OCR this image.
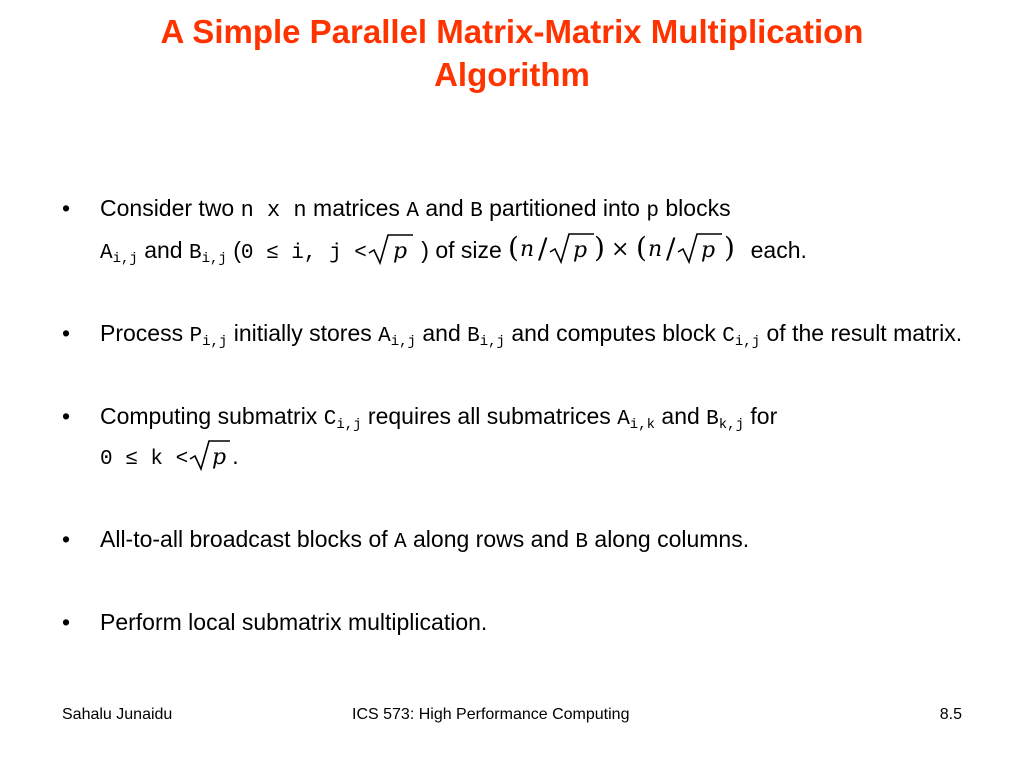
A Simple Parallel Matrix-Matrix Multiplication
Algorithm
•	Consider two n x n matrices A and B partitioned into p blocks
$A_{i,j}$ and $B_{i,j}$ (0 ≤ i, j < p ) of size ( n / p ) × ( n / p ) each.
•	Process $P_{i,j}$ initially stores $A_{i,j}$ and $B_{i,j}$ and computes block $C_{i,j}$ of the result matrix.
•	Computing submatrix $C_{i,j}$ requires all submatrices $A_{i,k}$ and $B_{k,j}$ for
0 ≤ k < p .
•	All-to-all broadcast blocks of A along rows and B along columns.
•	Perform local submatrix multiplication.
Sahalu Junaidu	ICS 573: High Performance Computing	8.5
